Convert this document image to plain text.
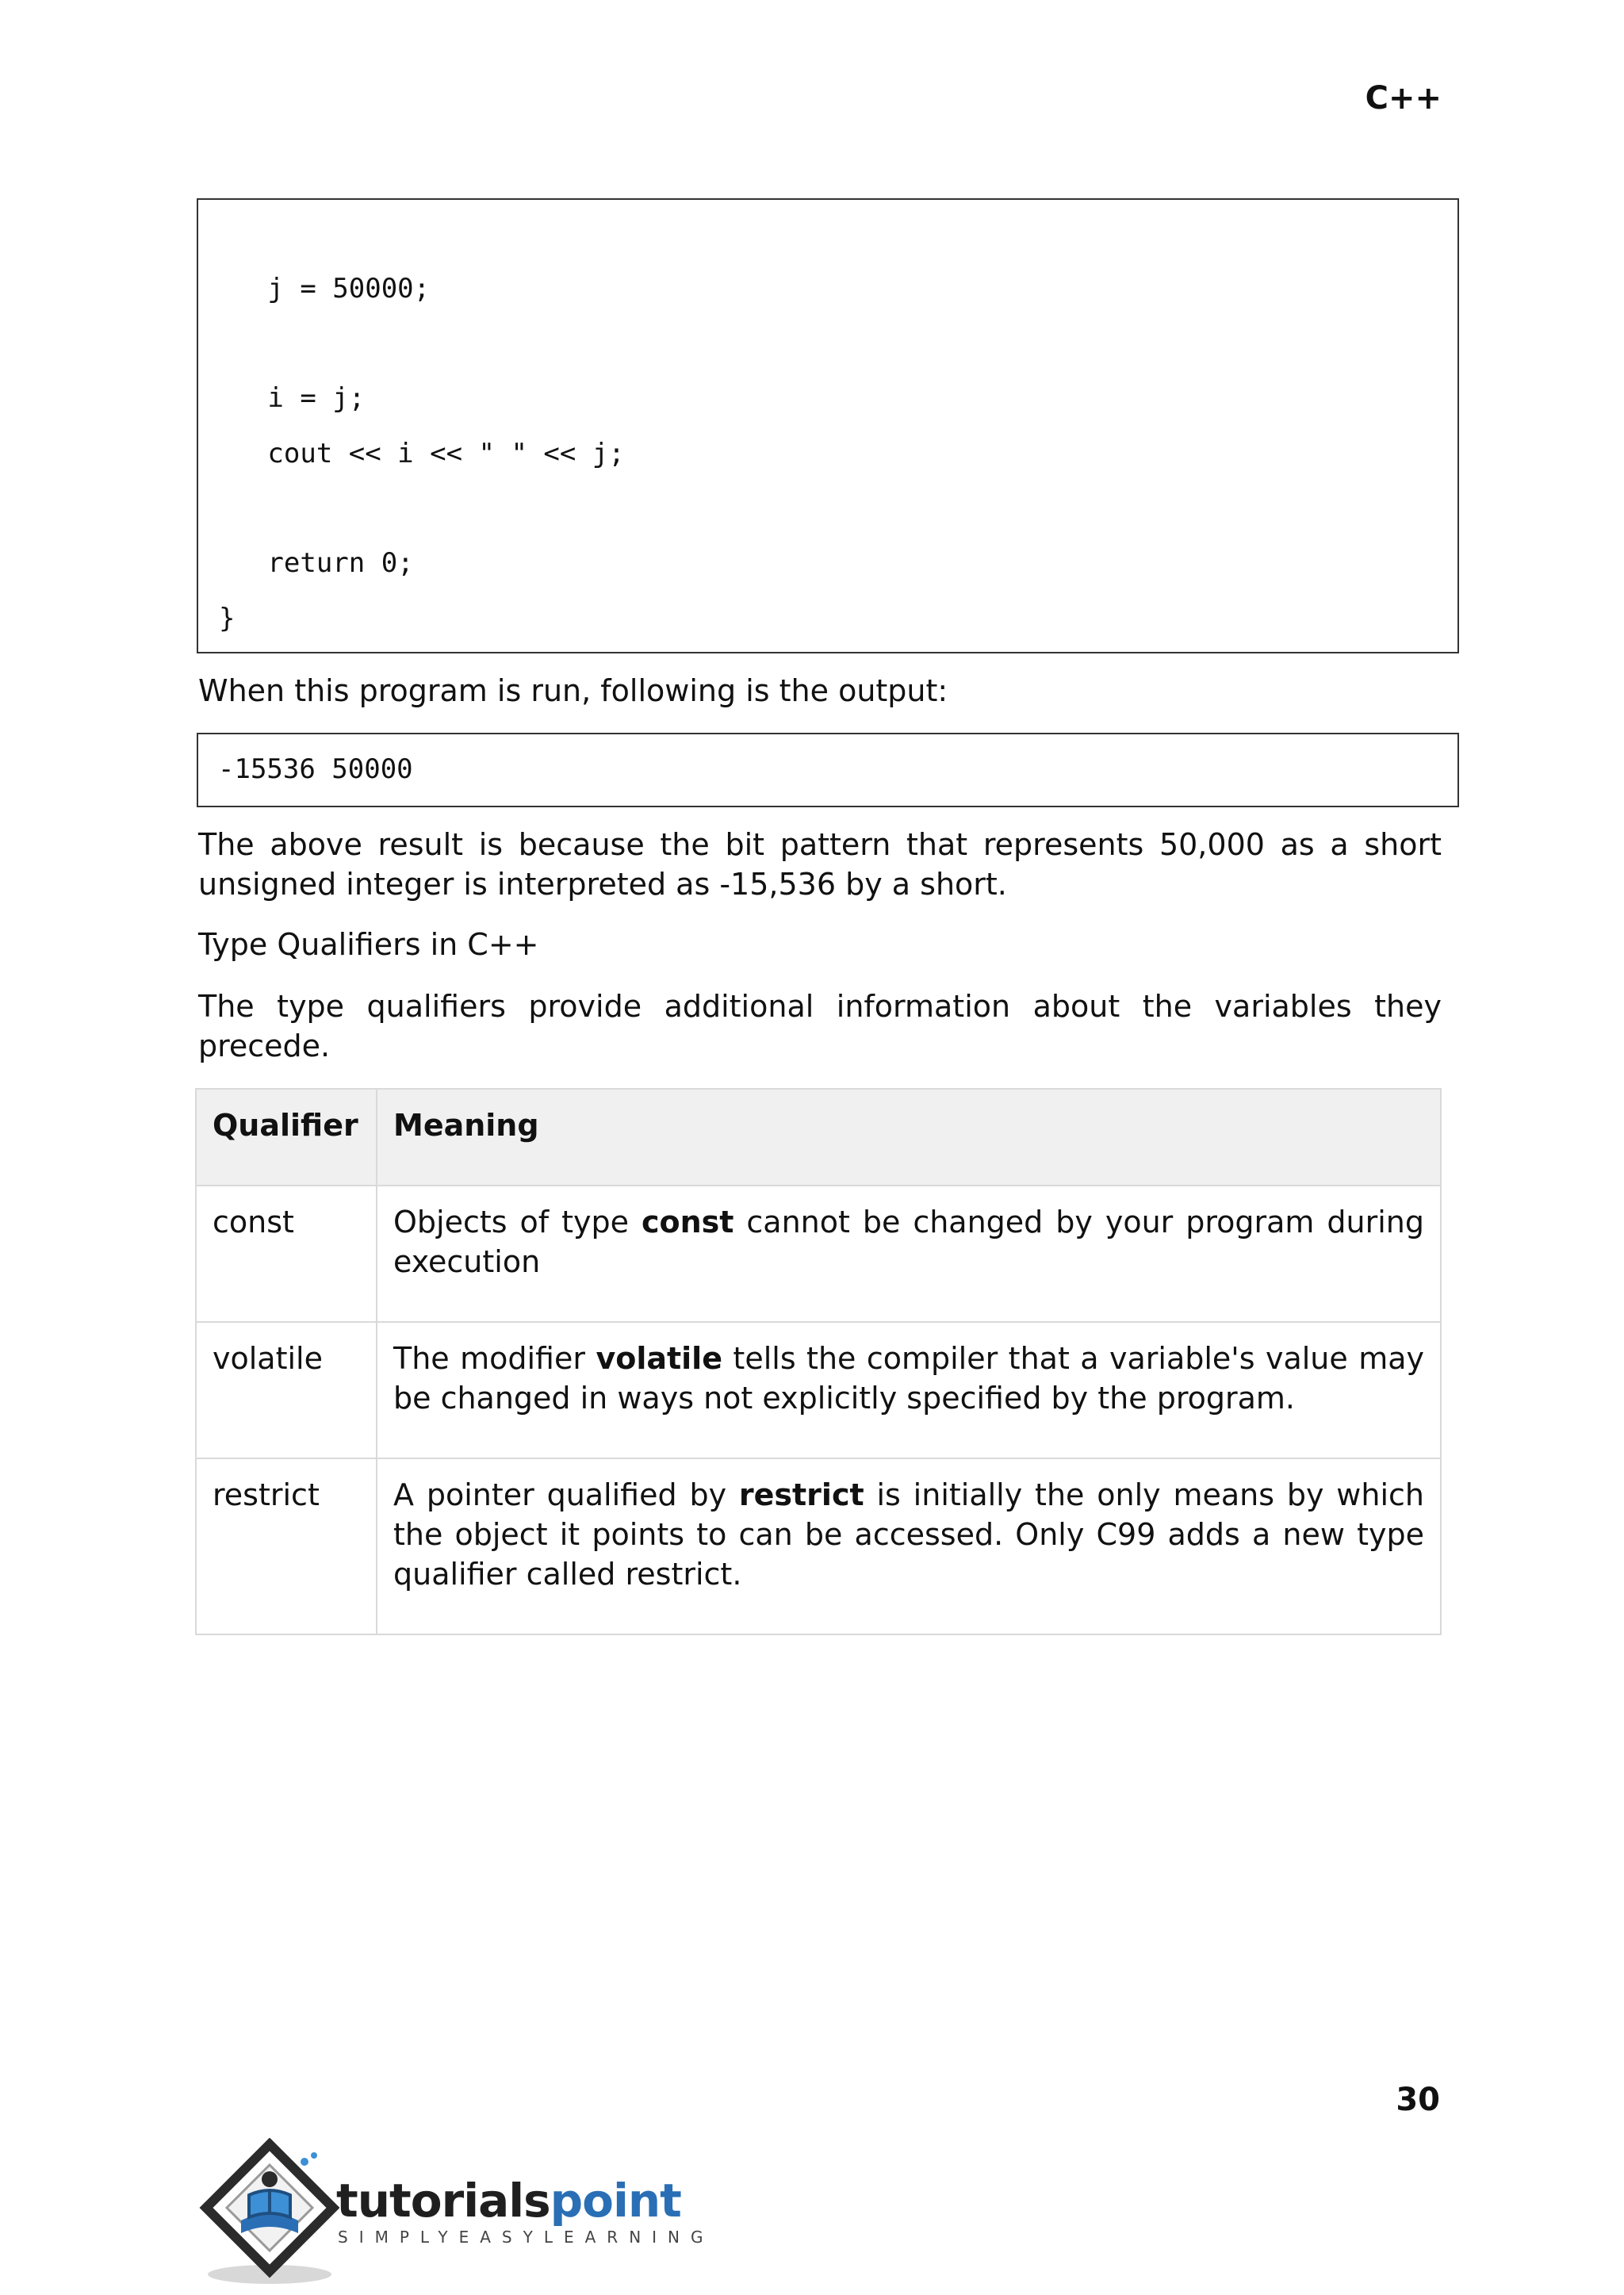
C++
j = 50000;
i = j;
cout << i << " " << j;
return 0;
}
When this program is run, following is the output:
-15536 50000
The above result is because the bit pattern that represents 50,000 as a short unsigned integer is interpreted as -15,536 by a short.
Type Qualifiers in C++
The type qualifiers provide additional information about the variables they precede.
Qualifier	Meaning
const	Objects of type const cannot be changed by your program during execution
volatile	The modifier volatile tells the compiler that a variable's value may be changed in ways not explicitly specified by the program.
restrict	A pointer qualified by restrict is initially the only means by which the object it points to can be accessed. Only C99 adds a new type qualifier called restrict.
30
tutorialspoint
SIMPLYEASYLEARNING
